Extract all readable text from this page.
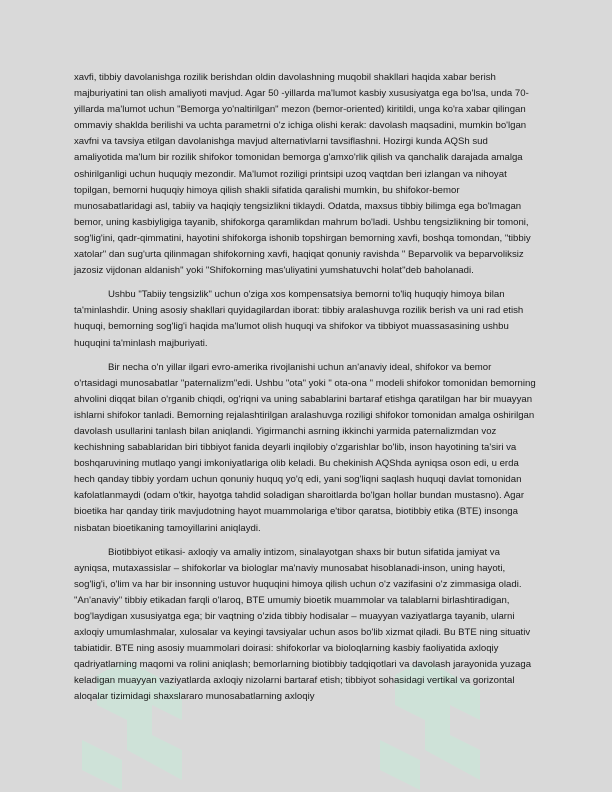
xavfi, tibbiy davolanishga rozilik berishdan oldin davolashning muqobil shakllari haqida xabar berish majburiyatini tan olish amaliyoti mavjud. Agar 50 -yillarda ma'lumot kasbiy xususiyatga ega bo'lsa, unda 70-yillarda ma'lumot uchun "Bemorga yo'naltirilgan" mezon (bemor-oriented) kiritildi, unga ko'ra xabar qilingan ommaviy shaklda berilishi va uchta parametrni o'z ichiga olishi kerak: davolash maqsadini, mumkin bo'lgan xavfni va tavsiya etilgan davolanishga mavjud alternativlarni tavsiflashni. Hozirgi kunda AQSh sud amaliyotida ma'lum bir rozilik shifokor tomonidan bemorga g'amxo'rlik qilish va qanchalik darajada amalga oshirilganligi uchun huquqiy mezondir. Ma'lumot roziligi printsipi uzoq vaqtdan beri izlangan va nihoyat topilgan, bemorni huquqiy himoya qilish shakli sifatida qaralishi mumkin, bu shifokor-bemor munosabatlaridagi asl, tabiiy va haqiqiy tengsizlikni tiklaydi. Odatda, maxsus tibbiy bilimga ega bo'lmagan bemor, uning kasbiyligiga tayanib, shifokorga qaramlikdan mahrum bo'ladi. Ushbu tengsizlikning bir tomoni, sog'lig'ini, qadr-qimmatini, hayotini shifokorga ishonib topshirgan bemorning xavfi, boshqa tomondan, "tibbiy xatolar" dan sug'urta qilinmagan shifokorning xavfi, haqiqat qonuniy ravishda " Beparvolik va beparvoliksiz jazosiz vijdonan aldanish" yoki "Shifokorning mas'uliyatini yumshatuvchi holat"deb baholanadi.

Ushbu "Tabiiy tengsizlik" uchun o'ziga xos kompensatsiya bemorni to'liq huquqiy himoya bilan ta'minlashdir. Uning asosiy shakllari quyidagilardan iborat: tibbiy aralashuvga rozilik berish va uni rad etish huquqi, bemorning sog'lig'i haqida ma'lumot olish huquqi va shifokor va tibbiyot muassasasining ushbu huquqini ta'minlash majburiyati.

Bir necha o'n yillar ilgari evro-amerika rivojlanishi uchun an'anaviy ideal, shifokor va bemor o'rtasidagi munosabatlar "paternalizm"edi. Ushbu "ota" yoki " ota-ona " modeli shifokor tomonidan bemorning ahvolini diqqat bilan o'rganib chiqdi, og'riqni va uning sabablarini bartaraf etishga qaratilgan har bir muayyan ishlarni shifokor tanladi. Bemorning rejalashtirilgan aralashuvga roziligi shifokor tomonidan amalga oshirilgan davolash usullarini tanlash bilan aniqlandi. Yigirmanchi asrning ikkinchi yarmida paternalizmdan voz kechishning sabablaridan biri tibbiyot fanida deyarli inqilobiy o'zgarishlar bo'lib, inson hayotining ta'siri va boshqaruvining mutlaqo yangi imkoniyatlariga olib keladi. Bu chekinish AQShda ayniqsa oson edi, u erda hech qanday tibbiy yordam uchun qonuniy huquq yo'q edi, yani sog'liqni saqlash huquqi davlat tomonidan kafolatlanmaydi (odam o'tkir, hayotga tahdid soladigan sharoitlarda bo'lgan hollar bundan mustasno). Agar bioetika har qanday tirik mavjudotning hayot muammolariga e'tibor qaratsa, biotibbiy etika (BTE) insonga nisbatan bioetikaning tamoyillarini aniqlaydi.

Biotibbiyot etikasi- axloqiy va amaliy intizom, sinalayotgan shaxs bir butun sifatida jamiyat va ayniqsa, mutaxassislar – shifokorlar va biologlar ma'naviy munosabat hisoblanadi-inson, uning hayoti, sog'lig'i, o'lim va har bir insonning ustuvor huquqini himoya qilish uchun o'z vazifasini o'z zimmasiga oladi. "An'anaviy" tibbiy etikadan farqli o'laroq, BTE umumiy bioetik muammolar va talablarni birlashtiradigan, bog'laydigan xususiyatga ega; bir vaqtning o'zida tibbiy hodisalar – muayyan vaziyatlarga tayanib, ularni axloqiy umumlashmalar, xulosalar va keyingi tavsiyalar uchun asos bo'lib xizmat qiladi. Bu BTE ning situativ tabiatidir. BTE ning asosiy muammolari doirasi: shifokorlar va bioloqlarning kasbiy faoliyatida axloqiy qadriyatlarning maqomi va rolini aniqlash; bemorlarning biotibbiy tadqiqotlari va davolash jarayonida yuzaga keladigan muayyan vaziyatlarda axloqiy nizolarni bartaraf etish; tibbiyot sohasidagi vertikal va gorizontal aloqalar tizimidagi shaxslararo munosabatlarning axloqiy
